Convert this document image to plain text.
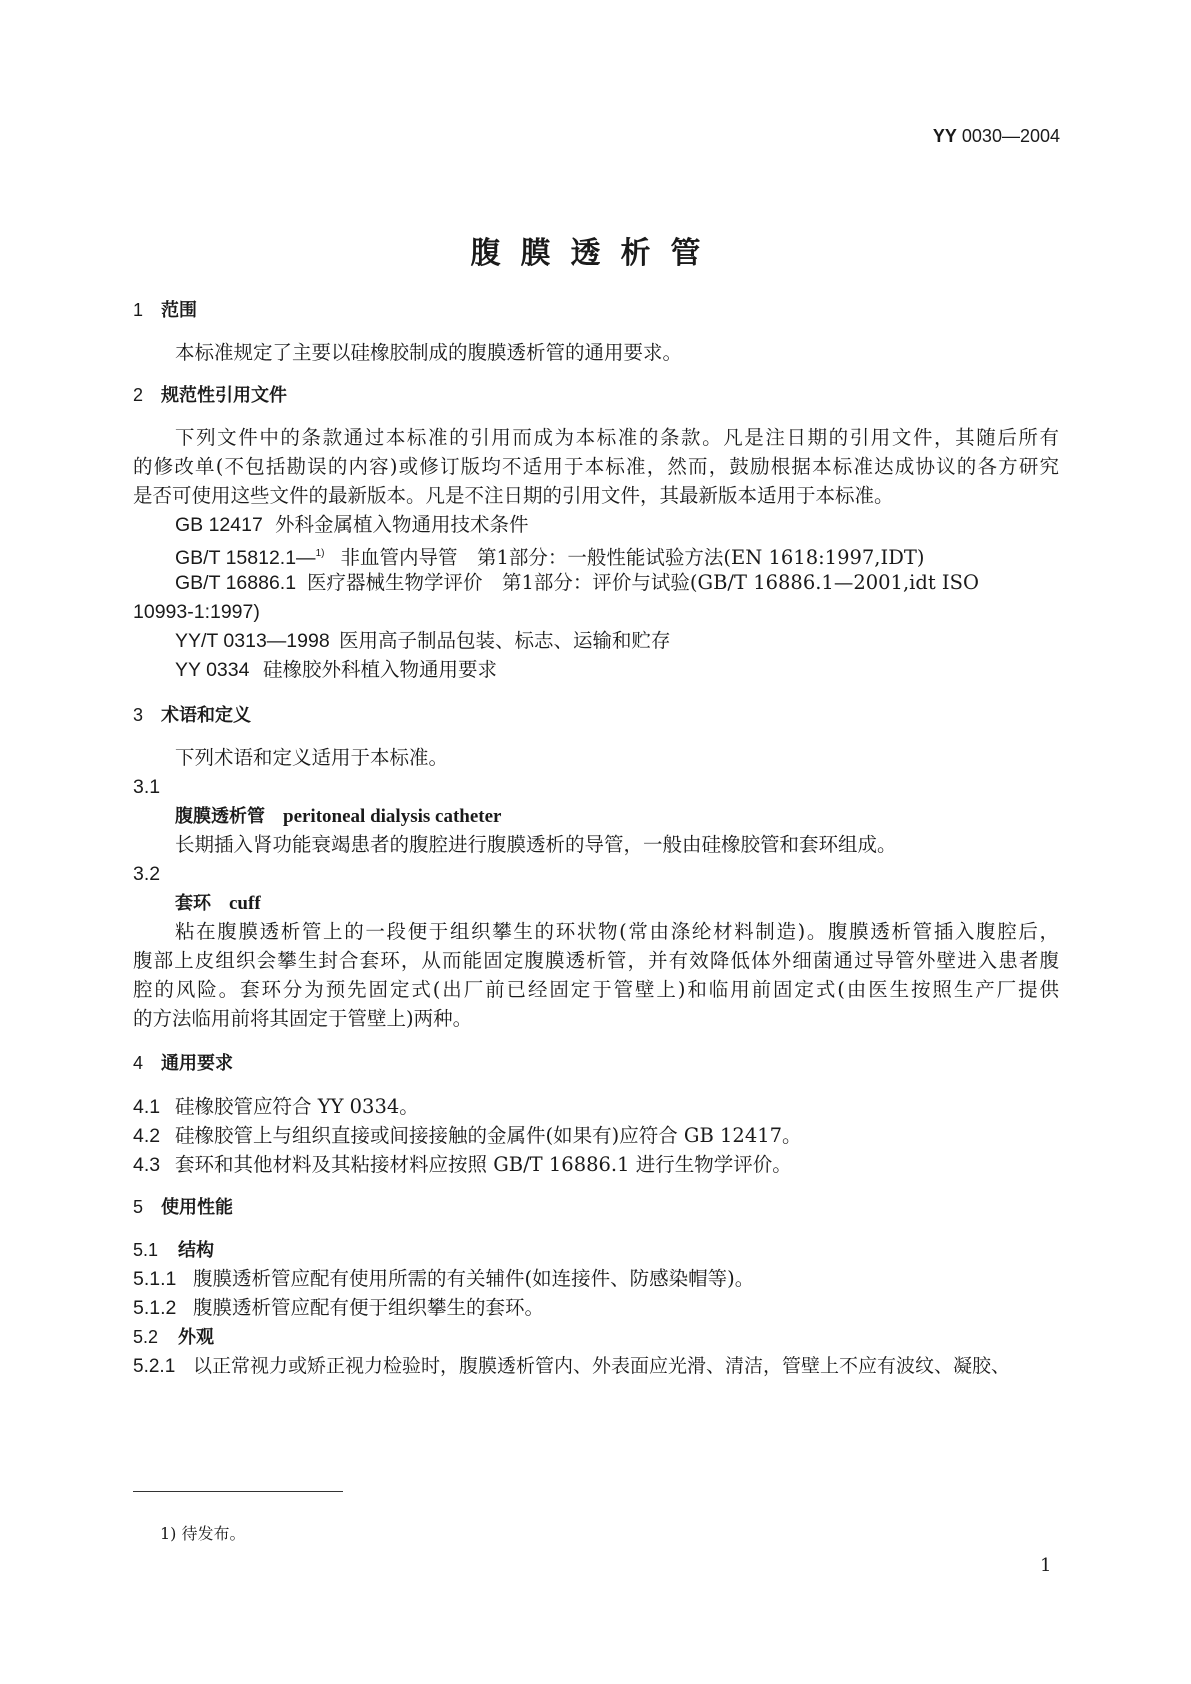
YY 0030—2004
腹膜透析管
1 范围
本标准规定了主要以硅橡胶制成的腹膜透析管的通用要求。
2 规范性引用文件
下列文件中的条款通过本标准的引用而成为本标准的条款。凡是注日期的引用文件，其随后所有
的修改单(不包括勘误的内容)或修订版均不适用于本标准，然而，鼓励根据本标准达成协议的各方研究
是否可使用这些文件的最新版本。凡是不注日期的引用文件，其最新版本适用于本标准。
GB 12417 外科金属植入物通用技术条件
GB/T 15812.1—$^{1)}$ 非血管内导管　第1部分：一般性能试验方法(EN 1618:1997,IDT)
GB/T 16886.1 医疗器械生物学评价　第1部分：评价与试验(GB/T 16886.1—2001,idt ISO
10993-1:1997)
YY/T 0313—1998 医用高子制品包装、标志、运输和贮存
YY 0334 硅橡胶外科植入物通用要求
3 术语和定义
下列术语和定义适用于本标准。
3.1
腹膜透析管 peritoneal dialysis catheter
长期插入肾功能衰竭患者的腹腔进行腹膜透析的导管，一般由硅橡胶管和套环组成。
3.2
套环 cuff
粘在腹膜透析管上的一段便于组织攀生的环状物(常由涤纶材料制造)。腹膜透析管插入腹腔后，
腹部上皮组织会攀生封合套环，从而能固定腹膜透析管，并有效降低体外细菌通过导管外壁进入患者腹
腔的风险。套环分为预先固定式(出厂前已经固定于管壁上)和临用前固定式(由医生按照生产厂提供
的方法临用前将其固定于管壁上)两种。
4 通用要求
4.1 硅橡胶管应符合 YY 0334。
4.2 硅橡胶管上与组织直接或间接接触的金属件(如果有)应符合 GB 12417。
4.3 套环和其他材料及其粘接材料应按照 GB/T 16886.1 进行生物学评价。
5 使用性能
5.1 结构
5.1.1 腹膜透析管应配有使用所需的有关辅件(如连接件、防感染帽等)。
5.1.2 腹膜透析管应配有便于组织攀生的套环。
5.2 外观
5.2.1 以正常视力或矫正视力检验时，腹膜透析管内、外表面应光滑、清洁，管壁上不应有波纹、凝胶、
1) 待发布。
1
